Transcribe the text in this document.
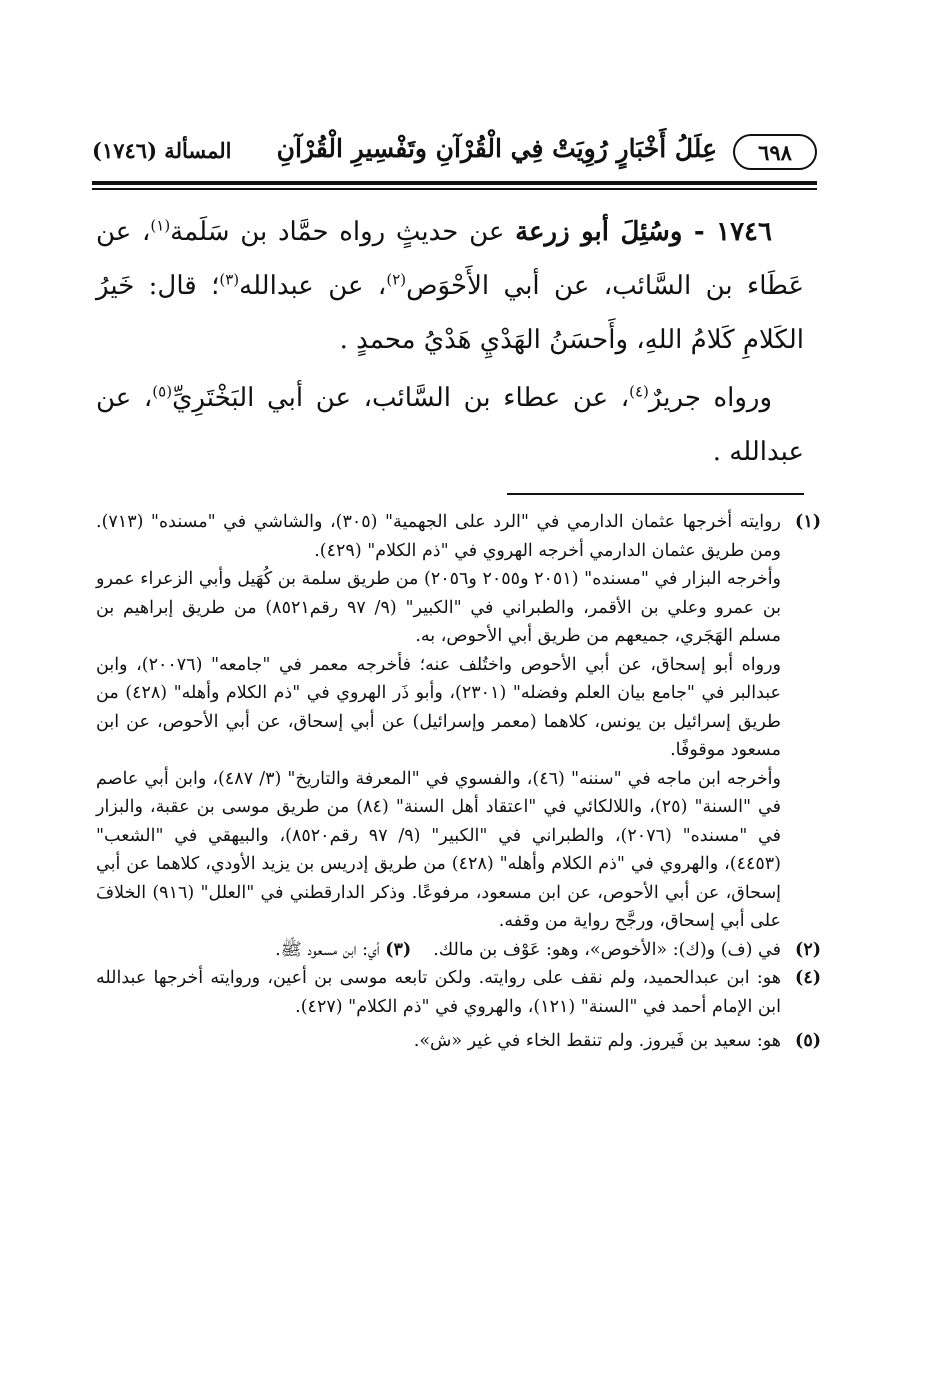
٦٩٨
عِلَلُ أَخْبَارٍ رُوِيَتْ فِي الْقُرْآنِ وتَفْسِيرِ الْقُرْآنِ
المسألة (١٧٤٦)

١٧٤٦ - وسُئِلَ أبو زرعة عن حديثٍ رواه حمَّاد بن سَلَمة$^{(١)}$، عن عَطَاء بن السَّائب، عن أبي الأَحْوَص$^{(٢)}$، عن عبدالله$^{(٣)}$؛ قال: خَيرُ الكَلامِ كَلامُ اللهِ، وأَحسَنُ الهَدْيِ هَدْيُ محمدٍ .

ورواه جريرٌ$^{(٤)}$، عن عطاء بن السَّائب، عن أبي البَخْتَرِيِّ$^{(٥)}$، عن عبدالله .

(١)
روايته أخرجها عثمان الدارمي في "الرد على الجهمية" (٣٠٥)، والشاشي في "مسنده" (٧١٣). ومن طريق عثمان الدارمي أخرجه الهروي في "ذم الكلام" (٤٢٩).
وأخرجه البزار في "مسنده" (٢٠٥١ و٢٠٥٥ و٢٠٥٦) من طريق سلمة بن كُهَيل وأبي الزعراء عمرو بن عمرو وعلي بن الأقمر، والطبراني في "الكبير" (٩/ ٩٧ رقم٨٥٢١) من طريق إبراهيم بن مسلم الهَجَري، جميعهم من طريق أبي الأحوص، به.
ورواه أبو إسحاق، عن أبي الأحوص واختُلف عنه؛ فأخرجه معمر في "جامعه" (٢٠٠٧٦)، وابن عبدالبر في "جامع بيان العلم وفضله" (٢٣٠١)، وأبو ذَر الهروي في "ذم الكلام وأهله" (٤٢٨) من طريق إسرائيل بن يونس، كلاهما (معمر وإسرائيل) عن أبي إسحاق، عن أبي الأحوص، عن ابن مسعود موقوفًا.
وأخرجه ابن ماجه في "سننه" (٤٦)، والفسوي في "المعرفة والتاريخ" (٣/ ٤٨٧)، وابن أبي عاصم في "السنة" (٢٥)، واللالكائي في "اعتقاد أهل السنة" (٨٤) من طريق موسى بن عقبة، والبزار في "مسنده" (٢٠٧٦)، والطبراني في "الكبير" (٩/ ٩٧ رقم٨٥٢٠)، والبيهقي في "الشعب" (٤٤٥٣)، والهروي في "ذم الكلام وأهله" (٤٢٨) من طريق إدريس بن يزيد الأودي، كلاهما عن أبي إسحاق، عن أبي الأحوص، عن ابن مسعود، مرفوعًا. وذكر الدارقطني في "العلل" (٩١٦) الخلافَ على أبي إسحاق، ورجَّح رواية من وقفه.
(٢)
في (ف) و(ك): «الأخوص»، وهو: عَوْف بن مالك.(٣) أي: ابن مسعود ﷺ.
(٤)
هو: ابن عبدالحميد، ولم نقف على روايته. ولكن تابعه موسى بن أعين، وروايته أخرجها عبدالله ابن الإمام أحمد في "السنة" (١٢١)، والهروي في "ذم الكلام" (٤٢٧).
(٥)
هو: سعيد بن فَيروز. ولم تنقط الخاء في غير «ش».
